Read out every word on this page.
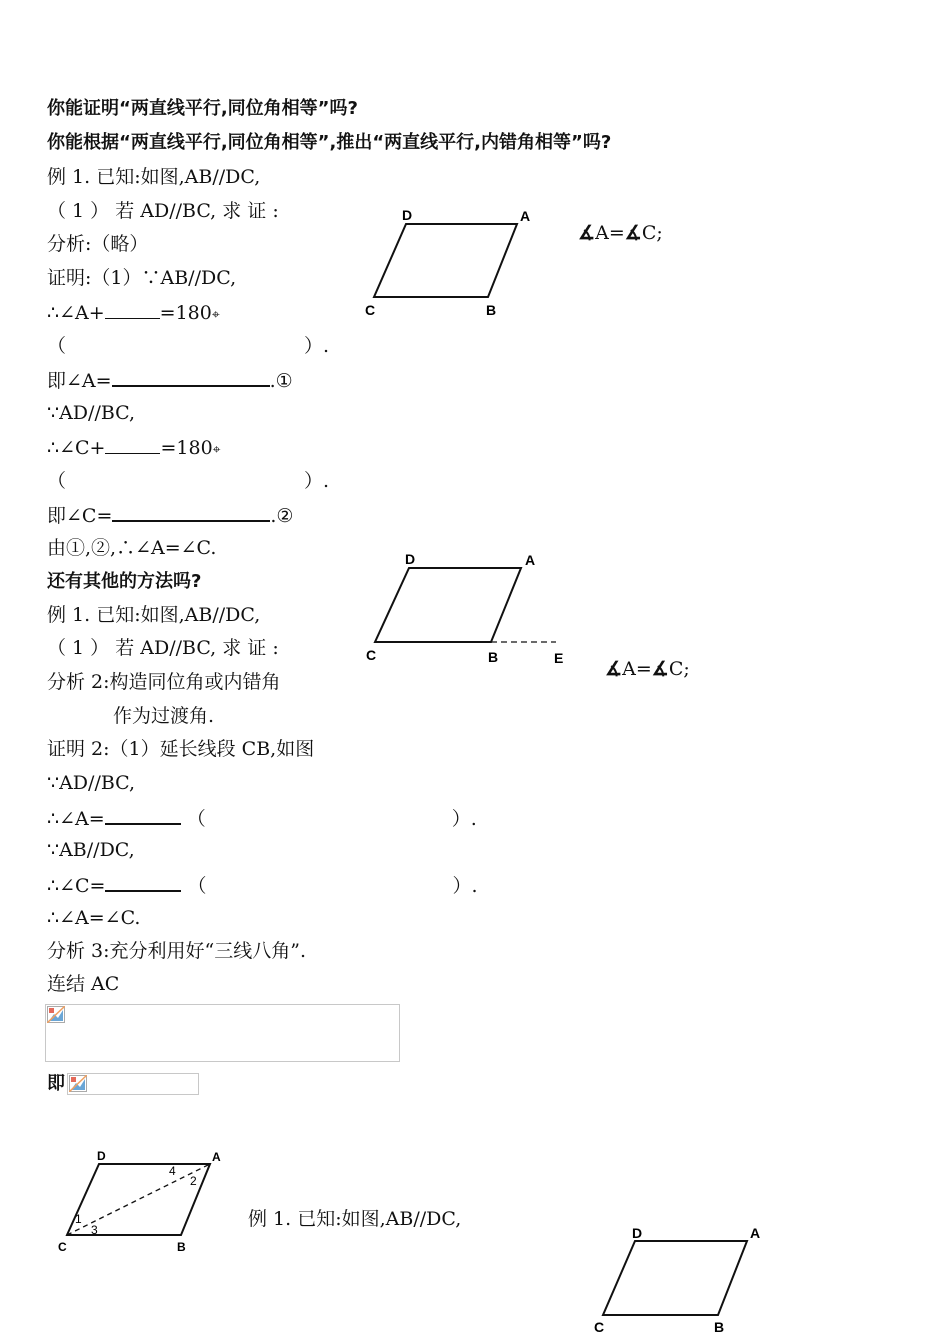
你能证明“两直线平行,同位角相等”吗?
你能根据“两直线平行,同位角相等”,推出“两直线平行,内错角相等”吗?
例 1. 已知:如图,AB//DC,
（ 1 ） 若 AD//BC, 求 证 :
分析:（略）
证明:（1）∵AB//DC,
∴∠A+	=180⌖
（	）.
即∠A=	.①
∵AD//BC,
∴∠C+	=180⌖
（	）.
即∠C=	.②
由①,②,∴∠A=∠C.
还有其他的方法吗?
例 1. 已知:如图,AB//DC,
（ 1 ） 若 AD//BC, 求 证 :
分析 2:构造同位角或内错角
作为过渡角.
证明 2:（1）延长线段 CB,如图
∵AD//BC,
∴∠A=	（	）.
∵AB//DC,
∴∠C=	（	）.
∴∠A=∠C.
分析 3:充分利用好“三线八角”.
连结 AC
即
例 1. 已知:如图,AB//DC,

∡A=∡C;

∡A=∡C;

D	A
C	B
D	A
C	B	E
D	A
C	B
4
2
1
3	D	A
C	B
